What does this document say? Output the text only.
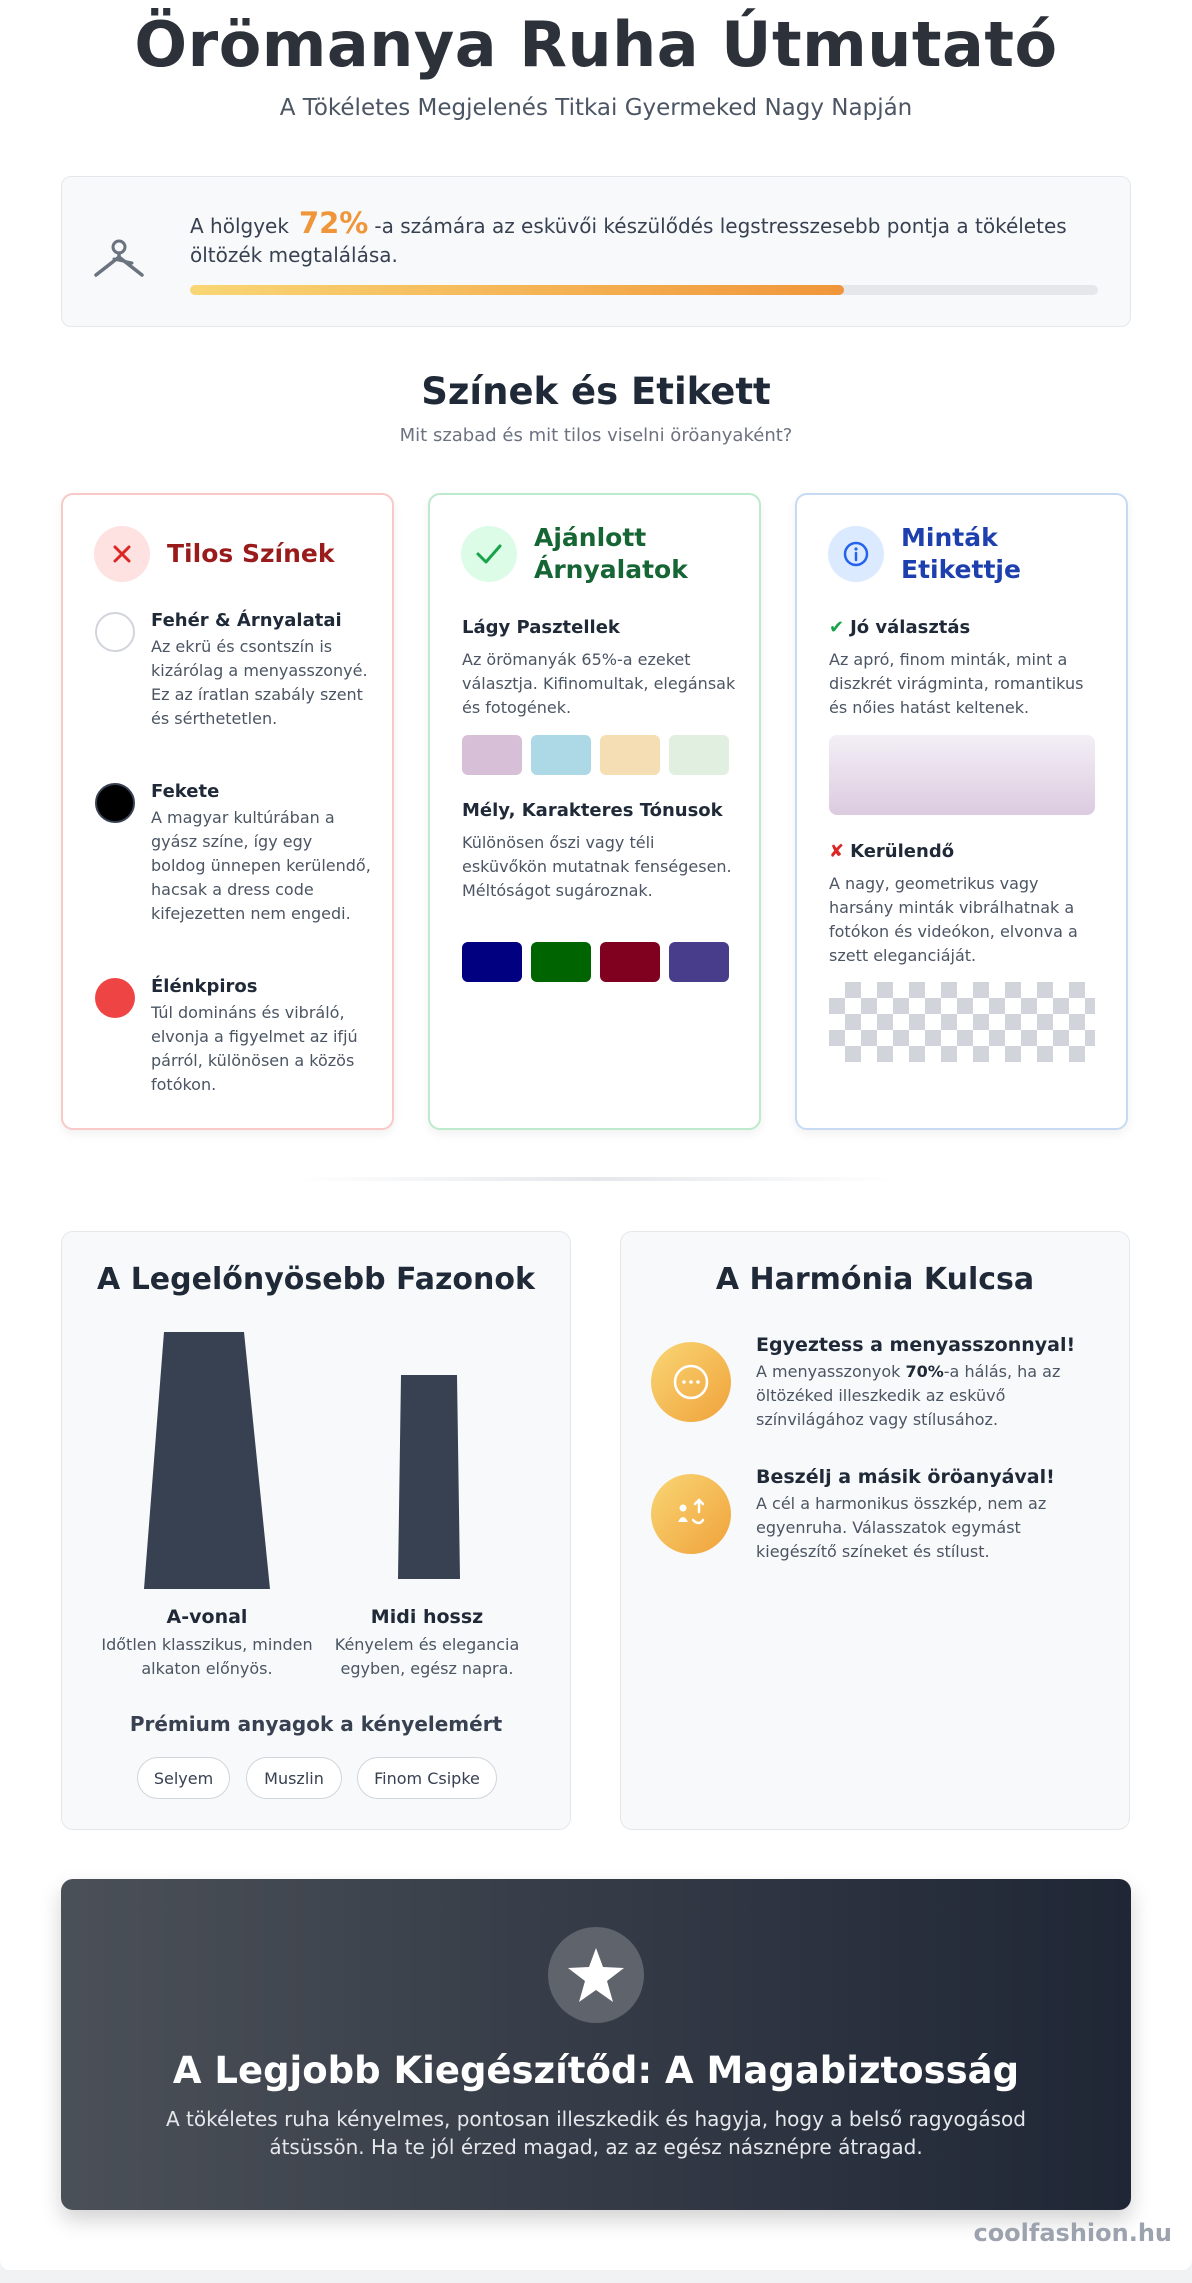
Örömanya Ruha Útmutató
A Tökéletes Megjelenés Titkai Gyermeked Nagy Napján
A hölgyek 72% -a számára az esküvői készülődés legstresszesebb pontja a tökéletes öltözék megtalálása.
Színek és Etikett
Mit szabad és mit tilos viselni öröanyaként?
Tilos Színek
Fehér & Árnyalatai
Az ekrü és csontszín is kizárólag a menyasszonyé. Ez az íratlan szabály szent és sérthetetlen.
Fekete
A magyar kultúrában a gyász színe, így egy boldog ünnepen kerülendő, hacsak a dress code kifejezetten nem engedi.
Élénkpiros
Túl domináns és vibráló, elvonja a figyelmet az ifjú párról, különösen a közös fotókon.
Ajánlott Árnyalatok
Lágy Pasztellek
Az örömanyák 65%-a ezeket választja. Kifinomultak, elegánsak és fotogének.
Mély, Karakteres Tónusok
Különösen őszi vagy téli esküvőkön mutatnak fenségesen. Méltóságot sugároznak.
Minták Etikettje
✔ Jó választás
Az apró, finom minták, mint a diszkrét virágminta, romantikus és nőies hatást keltenek.
✘ Kerülendő
A nagy, geometrikus vagy harsány minták vibrálhatnak a fotókon és videókon, elvonva a szett eleganciáját.
A Legelőnyösebb Fazonok
A-vonal
Időtlen klasszikus, minden alkaton előnyös.
Midi hossz
Kényelem és elegancia egyben, egész napra.
Prémium anyagok a kényelemért
Selyem	Muszlin	Finom Csipke
A Harmónia Kulcsa
Egyeztess a menyasszonnyal!
A menyasszonyok 70%-a hálás, ha az öltözéked illeszkedik az esküvő színvilágához vagy stílusához.
Beszélj a másik öröanyával!
A cél a harmonikus összkép, nem az egyenruha. Válasszatok egymást kiegészítő színeket és stílust.
A Legjobb Kiegészítőd: A Magabiztosság
A tökéletes ruha kényelmes, pontosan illeszkedik és hagyja, hogy a belső ragyogásod átsüssön. Ha te jól érzed magad, az az egész násznépre átragad.
coolfashion.hu
